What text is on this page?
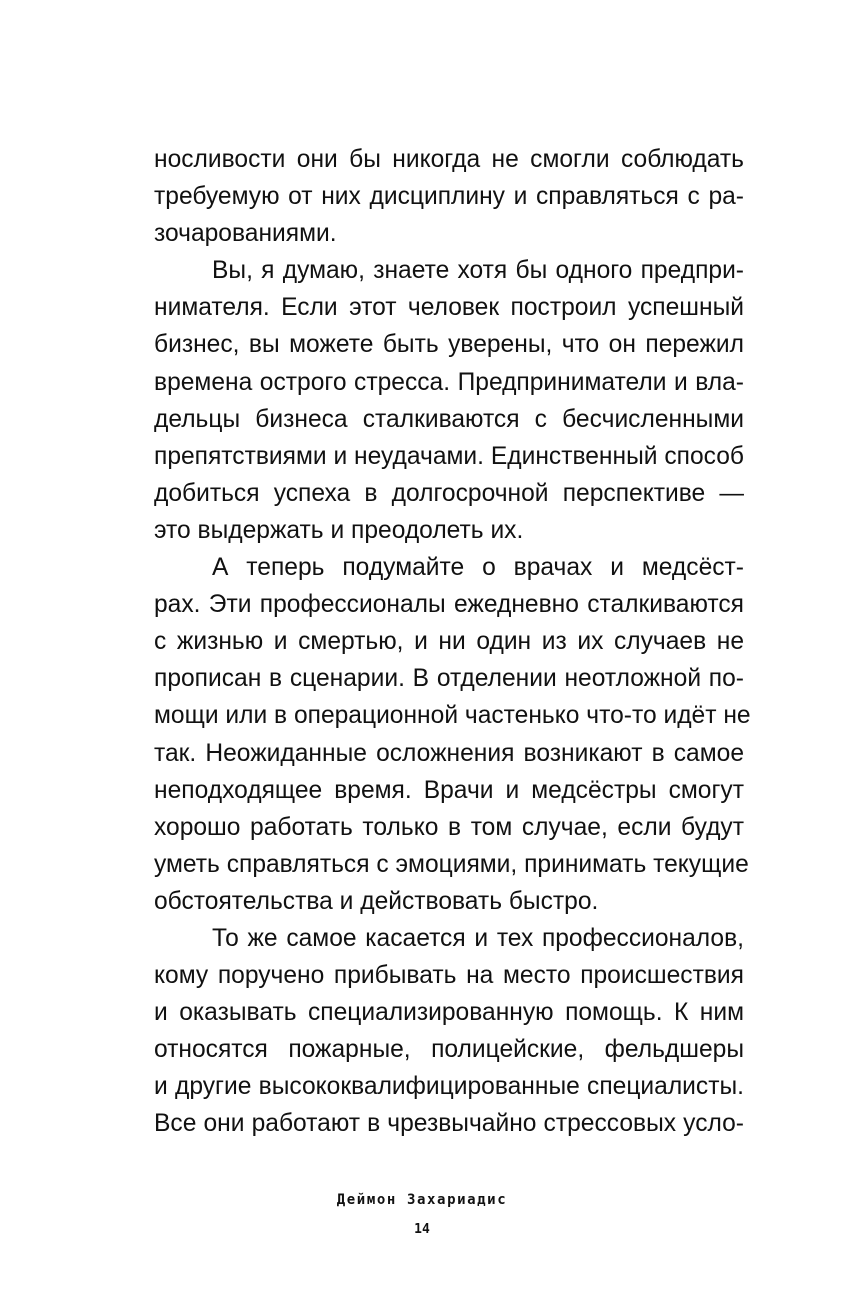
носливости они бы никогда не смогли соблюдать
требуемую от них дисциплину и справляться с ра-
зочарованиями.
Вы, я думаю, знаете хотя бы одного предпри-
нимателя. Если этот человек построил успешный
бизнес, вы можете быть уверены, что он пережил
времена острого стресса. Предприниматели и вла-
дельцы бизнеса сталкиваются с бесчисленными
препятствиями и неудачами. Единственный способ
добиться успеха в долгосрочной перспективе —
это выдержать и преодолеть их.
А теперь подумайте о врачах и медсёст-
рах. Эти профессионалы ежедневно сталкиваются
с жизнью и смертью, и ни один из их случаев не
прописан в сценарии. В отделении неотложной по-
мощи или в операционной частенько что-то идёт не
так. Неожиданные осложнения возникают в самое
неподходящее время. Врачи и медсёстры смогут
хорошо работать только в том случае, если будут
уметь справляться с эмоциями, принимать текущие
обстоятельства и действовать быстро.
То же самое касается и тех профессионалов,
кому поручено прибывать на место происшествия
и оказывать специализированную помощь. К ним
относятся пожарные, полицейские, фельдшеры
и другие высококвалифицированные специалисты.
Все они работают в чрезвычайно стрессовых усло-
Деймон Захариадис
14
